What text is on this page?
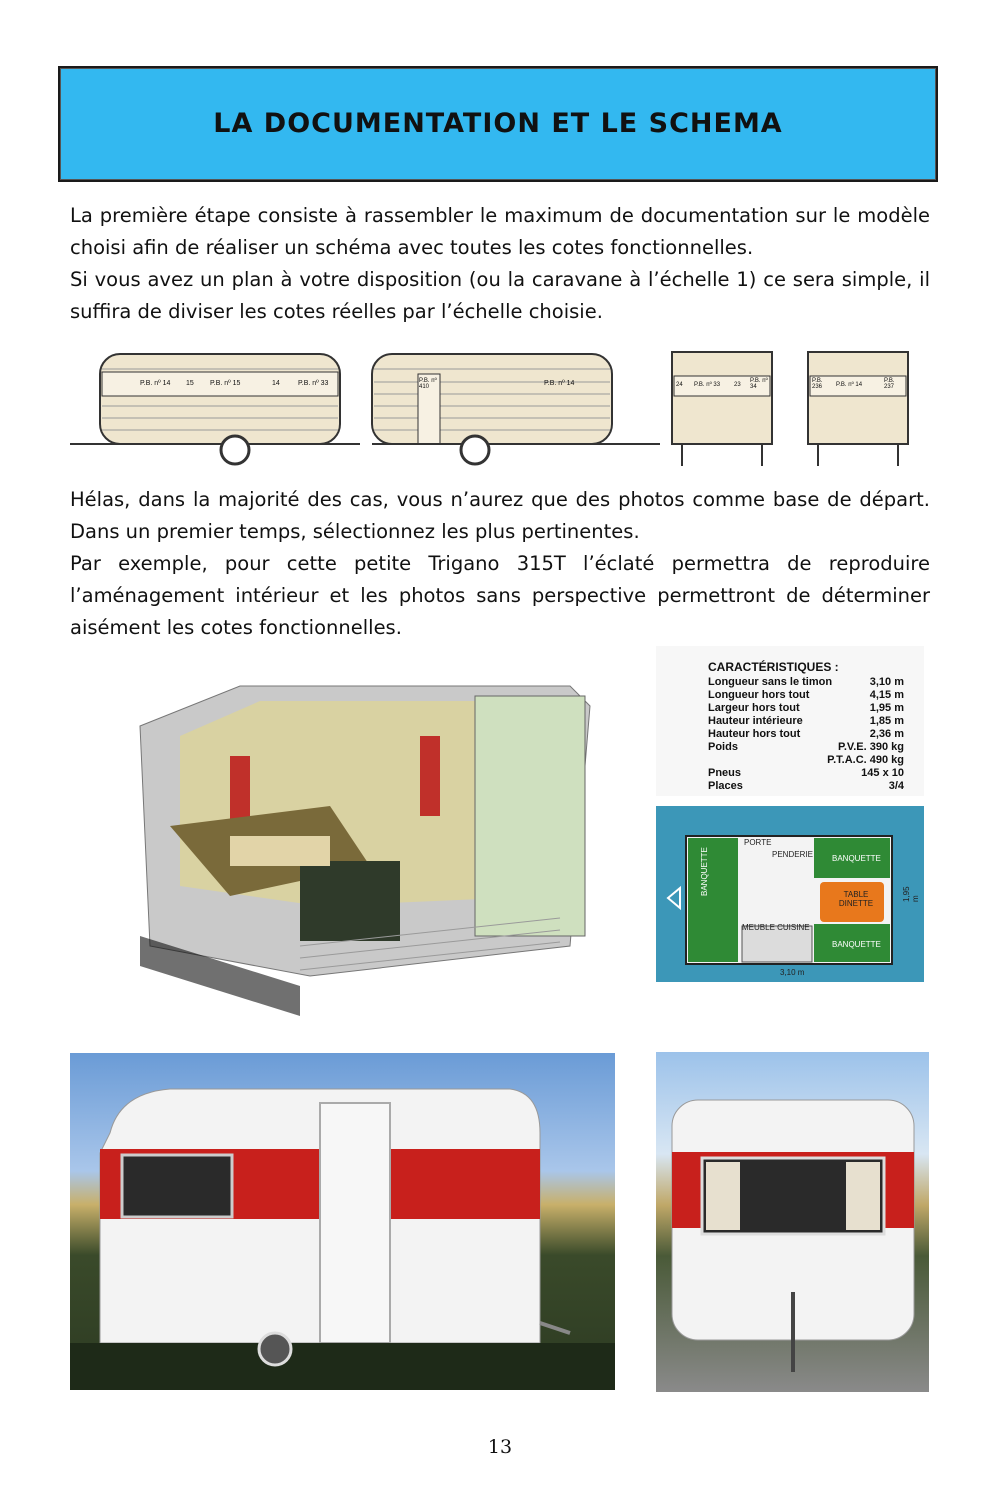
LA DOCUMENTATION ET LE SCHEMA

La première étape consiste à rassembler le maximum de documentation sur le modèle choisi afin de réaliser un schéma avec toutes les cotes fonctionnelles.

Si vous avez un plan à votre disposition (ou la caravane à l’échelle 1) ce sera simple, il suffira de diviser les cotes réelles par l’échelle choisie.

P.B. nº 14 15 P.B. nº 15	14	P.B. nº 33	P.B. nº 410	P.B. nº 14	24 P.B. nº 33 23
P.B. nº 34
P.B. 236	P.B. nº 14
P.B. 237

Hélas, dans la majorité des cas, vous n’aurez que des photos comme base de départ. Dans un premier temps, sélectionnez les plus pertinentes.

Par exemple, pour cette petite Trigano 315T l’éclaté permettra de reproduire l’aménagement intérieur et les photos sans perspective permettront de déterminer aisément les cotes fonctionnelles.

CARACTÉRISTIQUES :
Longueur sans le timon	3,10 m
Longueur hors tout	4,15 m
Largeur hors tout	1,95 m
Hauteur intérieure	1,85 m
Hauteur hors tout	2,36 m
Poids	P.V.E. 390 kg
P.T.A.C. 490 kg
Pneus	145 x 10
Places	3/4
PORTE
PENDERIE BANQUETTE
BANQUETTE	TABLE DINETTE
MEUBLE CUISINE
BANQUETTE
1,95 m
3,10 m
13
